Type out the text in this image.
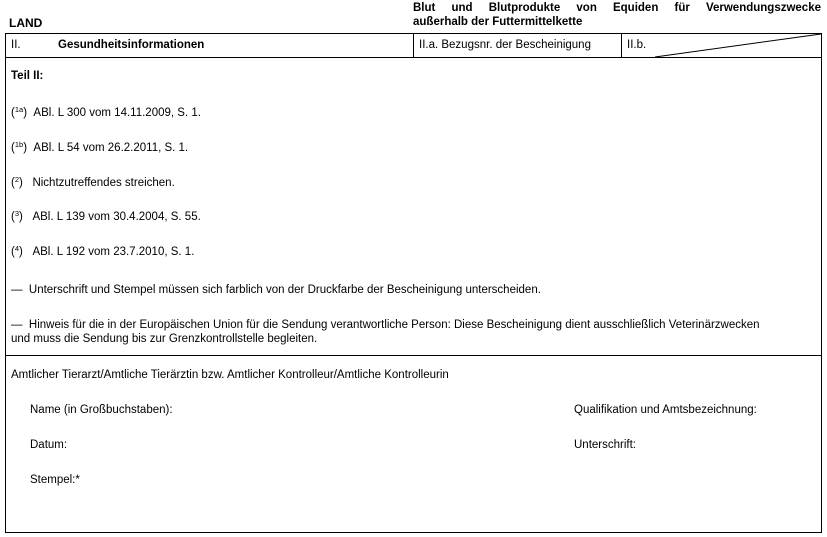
LAND
Blut und Blutprodukte von Equiden für Verwendungszwecke
außerhalb der Futtermittelkette
II.	Gesundheitsinformationen	II.a. Bezugsnr. der Bescheinigung	II.b.
Teil II:
($^{1a}$)  ABl. L 300 vom 14.11.2009, S. 1.
($^{1b}$)  ABl. L 54 vom 26.2.2011, S. 1.
($^2$)   Nichtzutreffendes streichen.
($^3$)   ABl. L 139 vom 30.4.2004, S. 55.
($^4$)   ABl. L 192 vom 23.7.2010, S. 1.
— Unterschrift und Stempel müssen sich farblich von der Druckfarbe der Bescheinigung unterscheiden.
— Hinweis für die in der Europäischen Union für die Sendung verantwortliche Person: Diese Bescheinigung dient ausschließlich Veterinärzwecken
und muss die Sendung bis zur Grenzkontrollstelle begleiten.
Amtlicher Tierarzt/Amtliche Tierärztin bzw. Amtlicher Kontrolleur/Amtliche Kontrolleurin
Name (in Großbuchstaben):	Qualifikation und Amtsbezeichnung:
Datum:	Unterschrift:
Stempel:*
